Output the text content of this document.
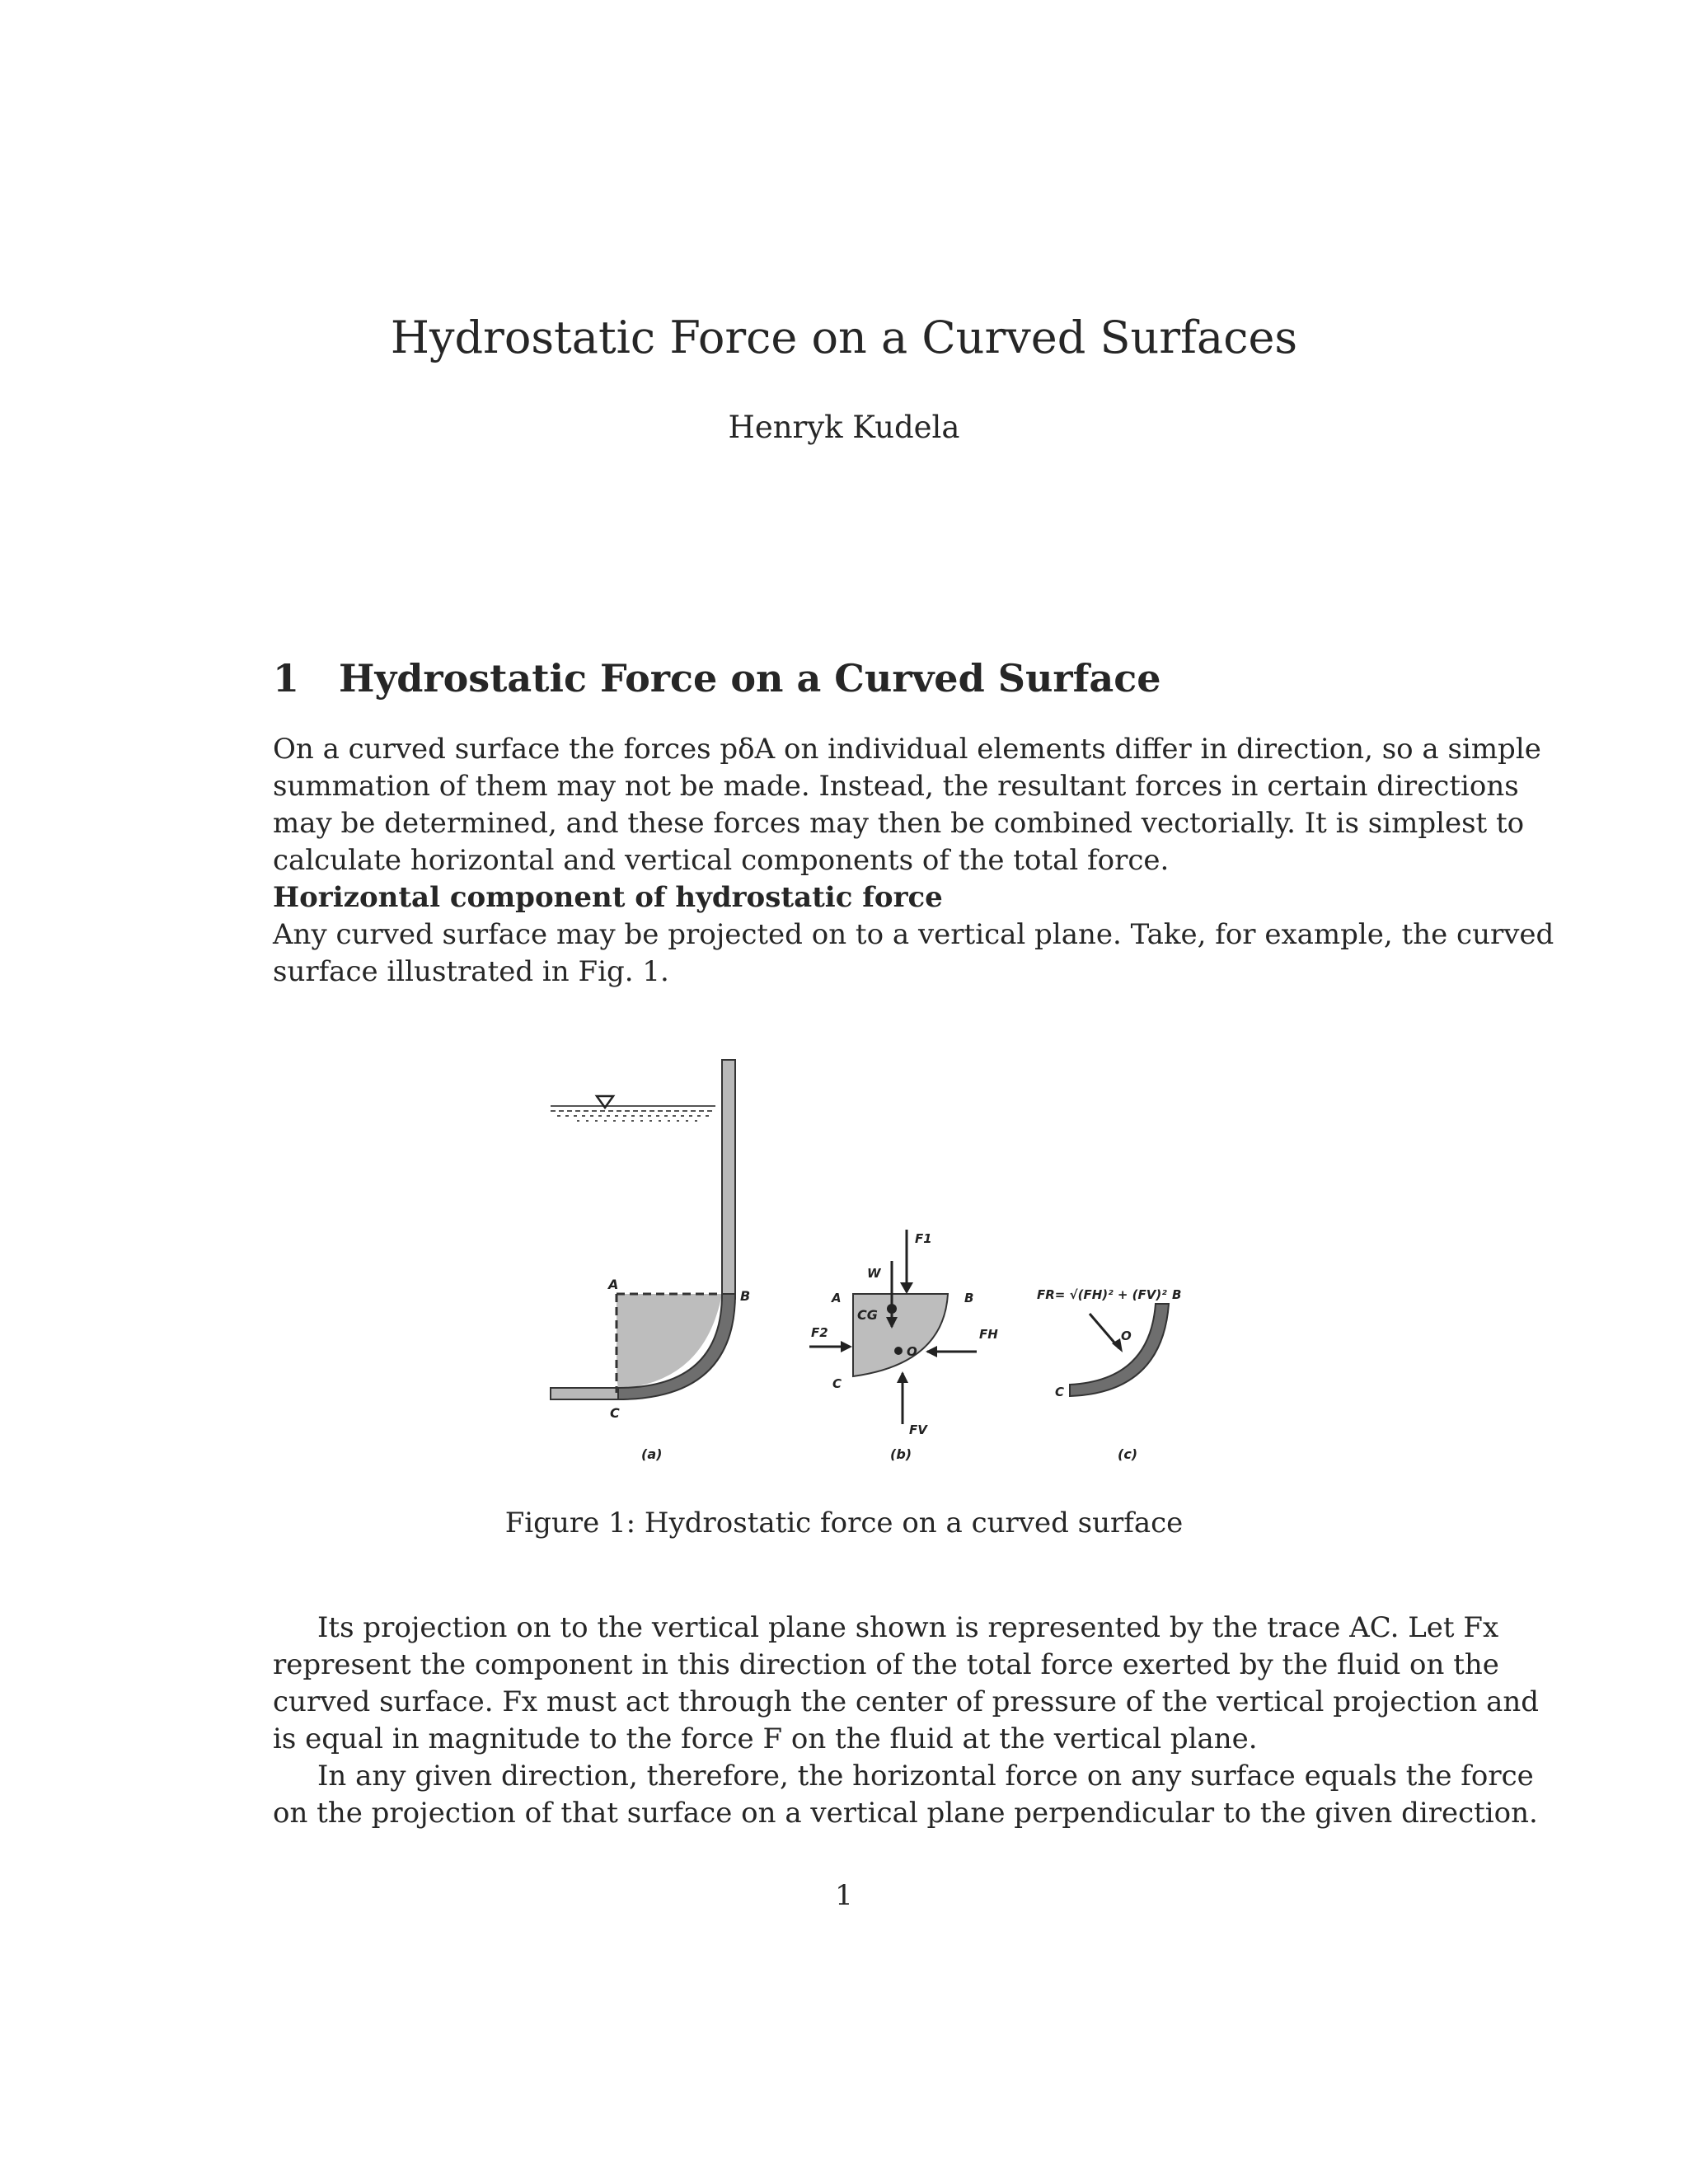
Hydrostatic Force on a Curved Surfaces
Henryk Kudela
1 Hydrostatic Force on a Curved Surface
On a curved surface the forces pδA on individual elements differ in direction, so a simple
summation of them may not be made. Instead, the resultant forces in certain directions
may be determined, and these forces may then be combined vectorially. It is simplest to
calculate horizontal and vertical components of the total force.
Horizontal component of hydrostatic force
Any curved surface may be projected on to a vertical plane. Take, for example, the curved
surface illustrated in Fig. 1.
A
B
C
(a)
F1
W
A	B
CG
O
F2	FH
C
FV
(b)
FR= √(FH)² + (FV)² B
O
C
(c)
Figure 1: Hydrostatic force on a curved surface
Its projection on to the vertical plane shown is represented by the trace AC. Let Fx
represent the component in this direction of the total force exerted by the fluid on the
curved surface. Fx must act through the center of pressure of the vertical projection and
is equal in magnitude to the force F on the fluid at the vertical plane.
In any given direction, therefore, the horizontal force on any surface equals the force
on the projection of that surface on a vertical plane perpendicular to the given direction.
1
